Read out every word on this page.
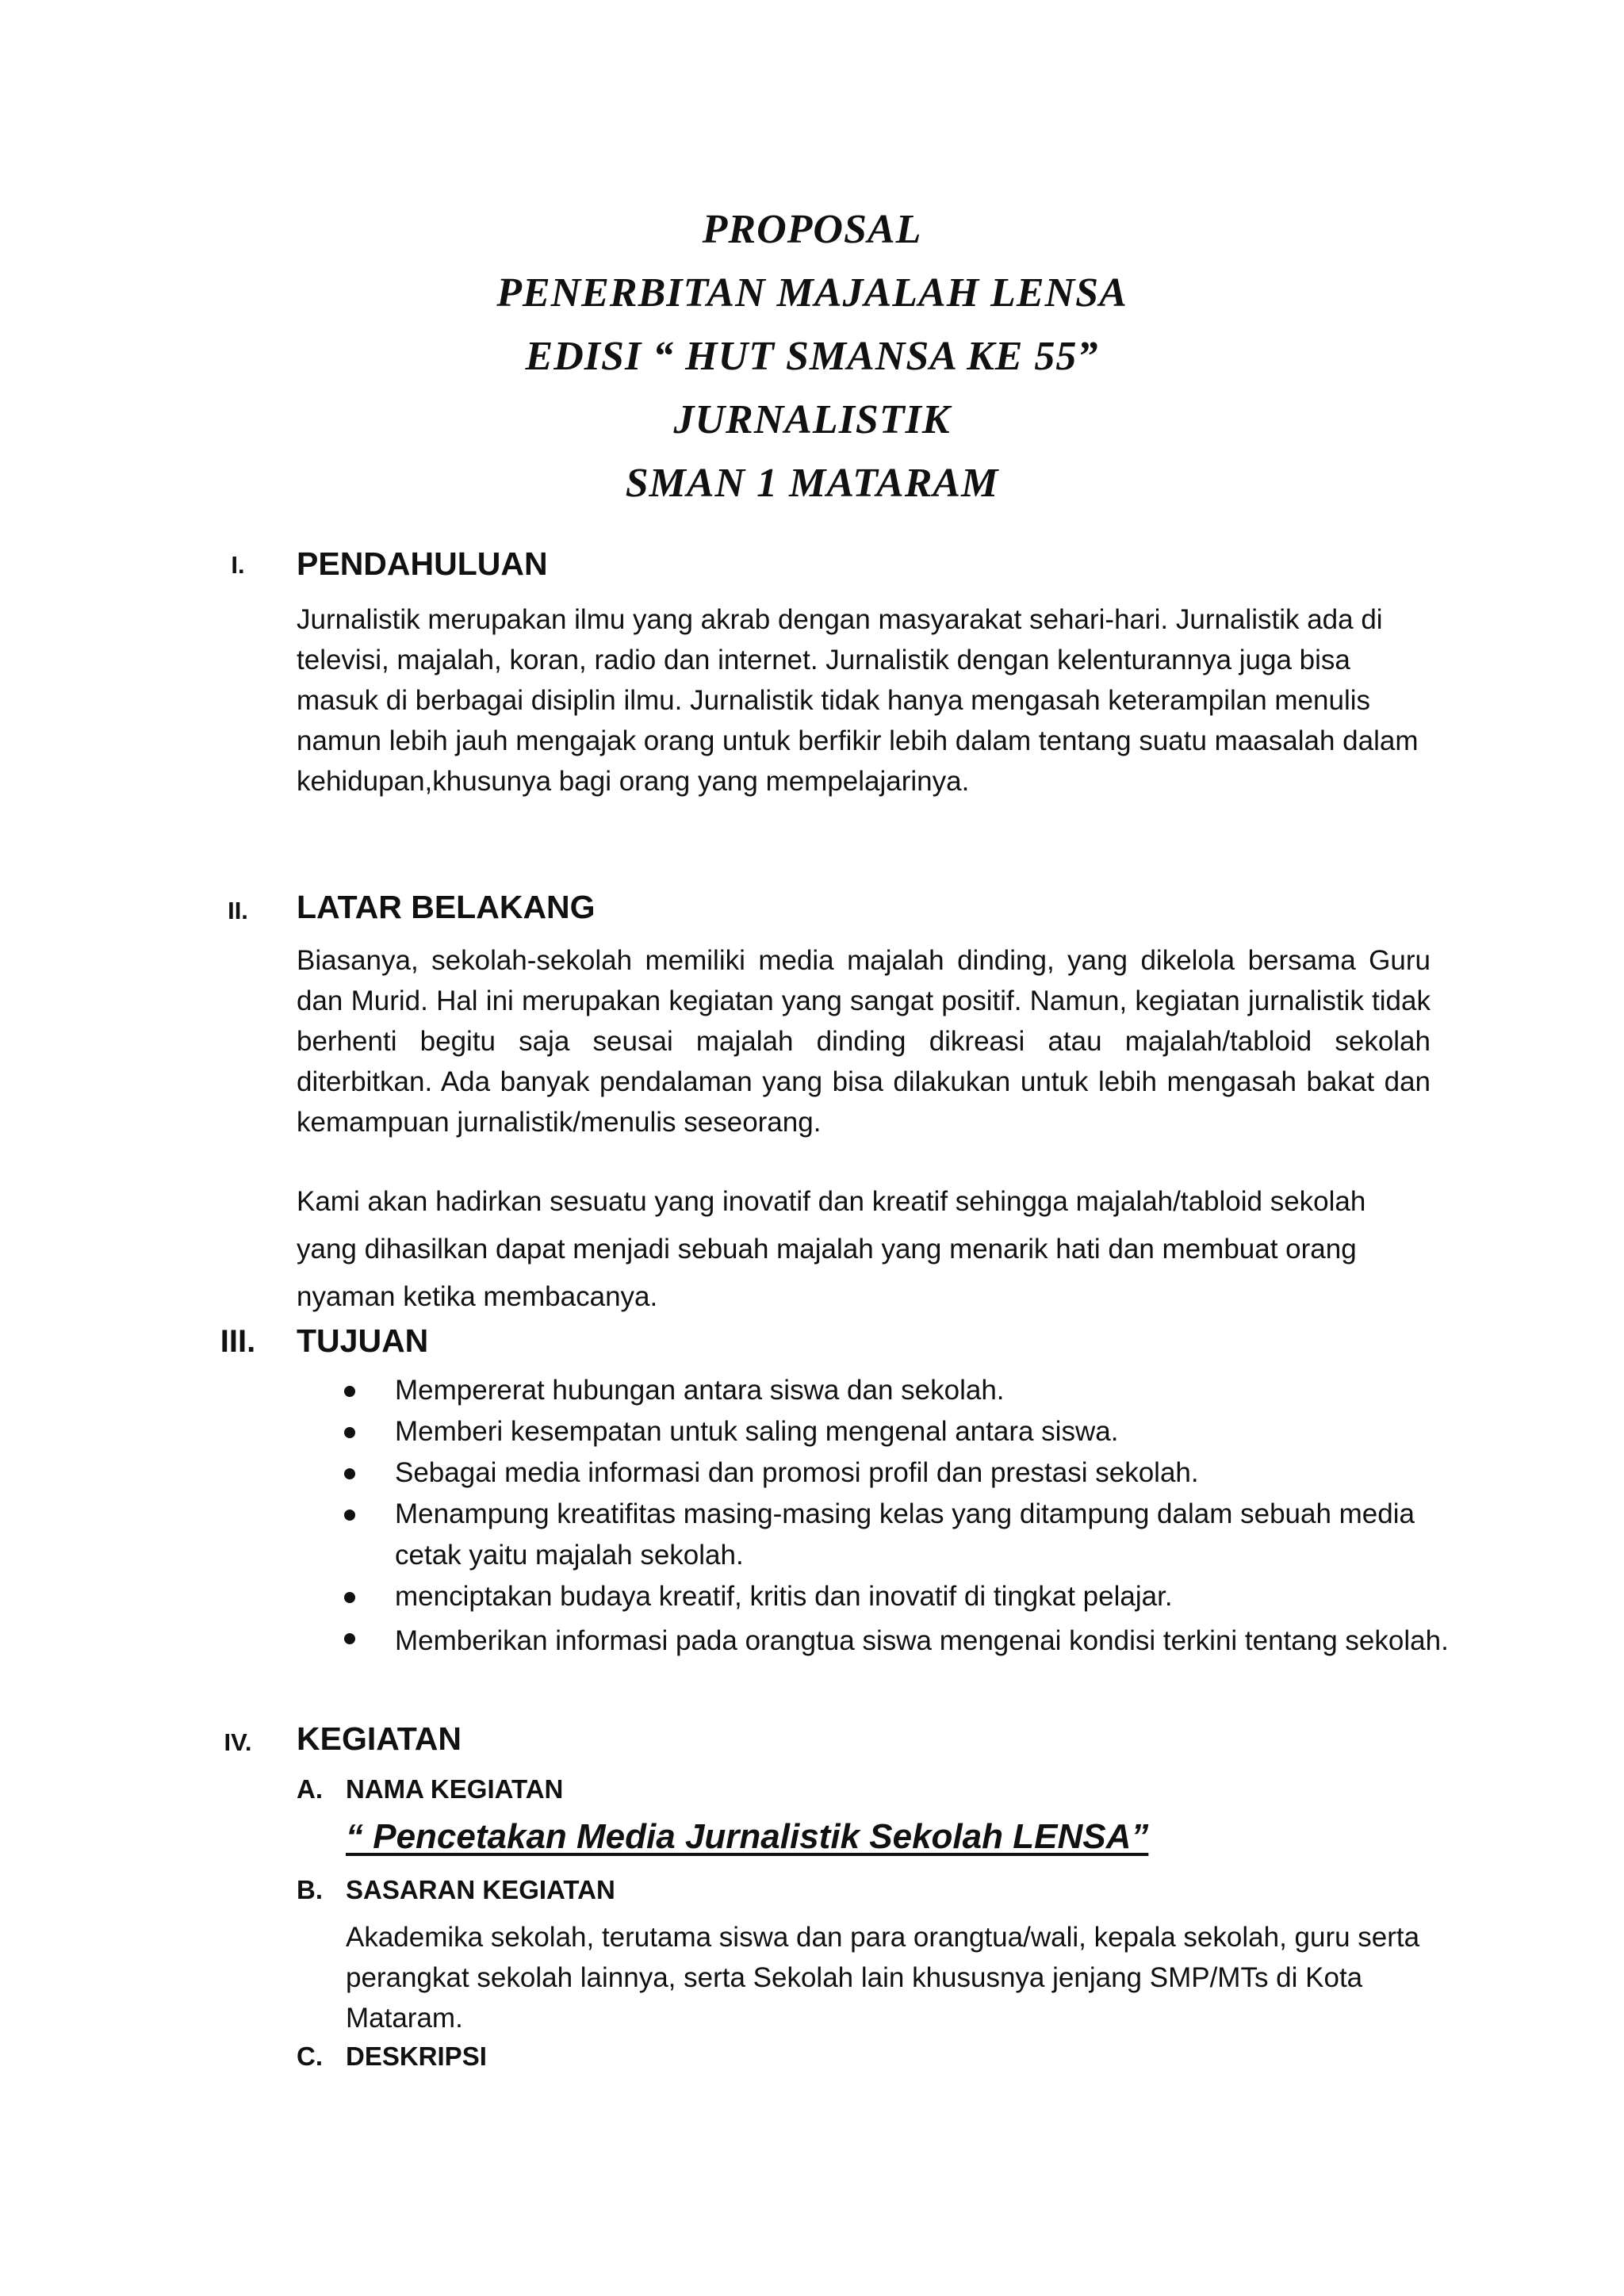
PROPOSAL
PENERBITAN MAJALAH LENSA
EDISI “ HUT SMANSA KE 55”
JURNALISTIK
SMAN 1 MATARAM
I.	PENDAHULUAN
Jurnalistik merupakan ilmu yang akrab dengan masyarakat sehari-hari. Jurnalistik ada di televisi, majalah, koran, radio dan internet. Jurnalistik dengan kelenturannya juga bisa masuk di berbagai disiplin ilmu. Jurnalistik tidak hanya mengasah keterampilan menulis namun lebih jauh mengajak orang untuk berfikir lebih dalam tentang suatu maasalah dalam kehidupan,khusunya bagi orang yang mempelajarinya.
II.	LATAR BELAKANG
Biasanya, sekolah-sekolah memiliki media majalah dinding, yang dikelola bersama Guru dan Murid. Hal ini merupakan kegiatan yang sangat positif. Namun, kegiatan jurnalistik tidak berhenti begitu saja seusai majalah dinding dikreasi atau majalah/tabloid sekolah diterbitkan. Ada banyak pendalaman yang bisa dilakukan untuk lebih mengasah bakat dan kemampuan jurnalistik/menulis seseorang.
Kami akan hadirkan sesuatu yang inovatif dan kreatif sehingga majalah/tabloid sekolah yang dihasilkan dapat menjadi sebuah majalah yang menarik hati dan membuat orang nyaman ketika membacanya.
III.	TUJUAN
Mempererat hubungan antara siswa dan sekolah.
Memberi kesempatan untuk saling mengenal antara siswa.
Sebagai media informasi dan promosi profil dan prestasi sekolah.
Menampung kreatifitas masing-masing kelas yang ditampung dalam sebuah media cetak yaitu majalah sekolah.
menciptakan budaya kreatif, kritis dan inovatif di tingkat pelajar.
Memberikan informasi pada orangtua siswa mengenai kondisi terkini tentang sekolah.
IV.	KEGIATAN
A. NAMA KEGIATAN
“ Pencetakan Media Jurnalistik Sekolah LENSA”
B. SASARAN KEGIATAN
Akademika sekolah, terutama siswa dan para orangtua/wali, kepala sekolah, guru serta perangkat sekolah lainnya, serta Sekolah lain khususnya jenjang SMP/MTs di Kota Mataram.
C. DESKRIPSI
